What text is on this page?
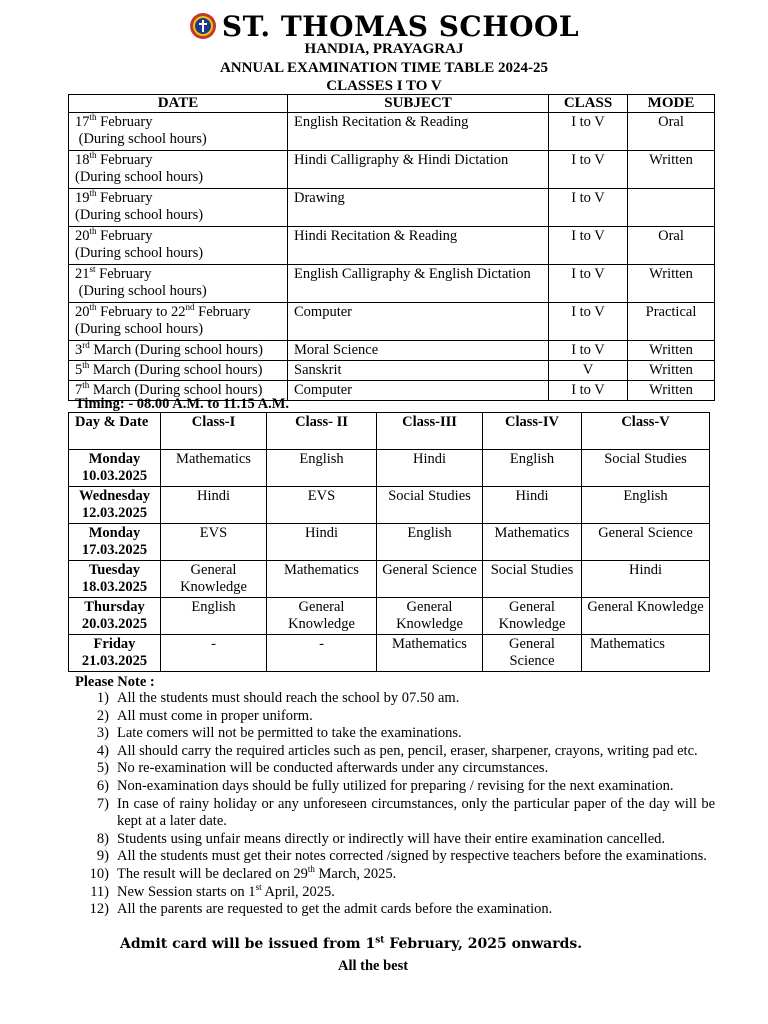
ST. THOMAS SCHOOL
HANDIA, PRAYAGRAJ
ANNUAL EXAMINATION TIME TABLE 2024-25
CLASSES I TO V
DATE	SUBJECT	CLASS	MODE
17th February
(During school hours)	English Recitation & Reading	I to V	Oral
18th February
(During school hours)	Hindi Calligraphy & Hindi Dictation	I to V	Written
19th February
(During school hours)	Drawing	I to V	
20th February
(During school hours)	Hindi Recitation & Reading	I to V	Oral
21st February
(During school hours)	English Calligraphy & English Dictation	I to V	Written
20th February to 22nd February
(During school hours)	Computer	I to V	Practical
3rd March (During school hours)	Moral Science	I to V	Written
5th March (During school hours)	Sanskrit	V	Written
7th March (During school hours)	Computer	I to V	Written
Timing: - 08.00 A.M. to 11.15 A.M.
Day & Date	Class-I	Class- II	Class-III	Class-IV	Class-V

Monday
10.03.2025	Mathematics	English	Hindi	English	Social Studies

Wednesday
12.03.2025	Hindi	EVS	Social Studies	Hindi	English

Monday
17.03.2025	EVS	Hindi	English	Mathematics	General Science

Tuesday
18.03.2025	General Knowledge	Mathematics	General Science	Social Studies	Hindi

Thursday
20.03.2025	English	General Knowledge	General Knowledge	General Knowledge	General Knowledge

Friday
21.03.2025	-	-	Mathematics	General Science	Mathematics
Please Note :
1) All the students must should reach the school by 07.50 am.
2) All must come in proper uniform.
3) Late comers will not be permitted to take the examinations.
4) All should carry the required articles such as pen, pencil, eraser, sharpener, crayons, writing pad etc.
5) No re-examination will be conducted afterwards under any circumstances.
6) Non-examination days should be fully utilized for preparing / revising for the next examination.
7) In case of rainy holiday or any unforeseen circumstances, only the particular paper of the day will be kept at a later date.
8) Students using unfair means directly or indirectly will have their entire examination cancelled.
9) All the students must get their notes corrected /signed by respective teachers before the examinations.
10) The result will be declared on 29th March, 2025.
11) New Session starts on 1st April, 2025.
12) All the parents are requested to get the admit cards before the examination.
Admit card will be issued from 1st February, 2025 onwards.
All the best
